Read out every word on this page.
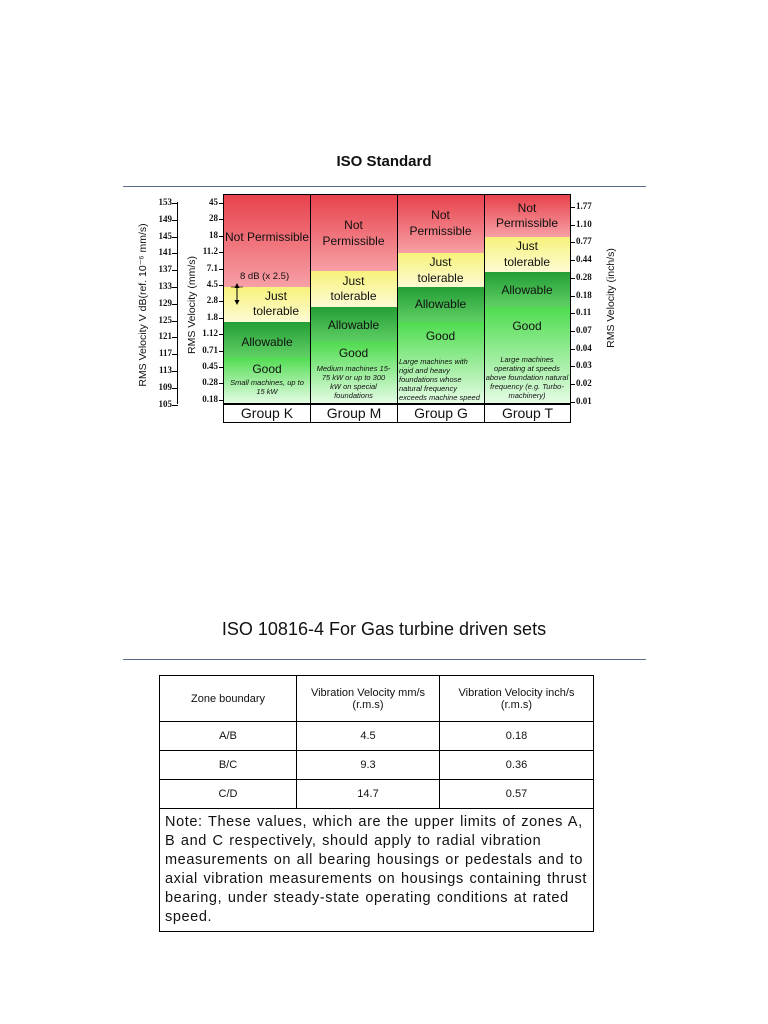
ISO Standard
RMS Velocity V dB(ref. 10⁻⁶ mm/s)	RMS Velocity (mm/s)	RMS Velocity (inch/s)
153
149
145
141
137
133
129
125
121
117
113
109
105
45
28
18
11.2
7.1
4.5
2.8
1.8
1.12
0.71
0.45
0.28
0.18
1.77
1.10
0.77
0.44
0.28
0.18
0.11
0.07
0.04
0.03
0.02
0.01
Not Permissible
Just tolerable
Allowable
Good
Small machines, up to 15 kW
Not Permissible
Just tolerable
Allowable
Good
Medium machines 15-75 kW or up to 300 kW on special foundations
Not Permissible
Just tolerable
Allowable
Good
Large machines with rigid and heavy foundations whose natural frequency exceeds machine speed
Not Permissible
Just tolerable
Allowable
Good
Large machines operating at speeds above foundation natural frequency (e.g. Turbo-machinery)
8 dB (x 2.5)
Group K	Group M	Group G	Group T
ISO 10816-4 For Gas turbine driven sets
Zone boundary	Vibration Velocity mm/s (r.m.s)	Vibration Velocity inch/s (r.m.s)
A/B	4.5	0.18
B/C	9.3	0.36
C/D	14.7	0.57
Note: These values, which are the upper limits of zones A, B and C respectively, should apply to radial vibration measurements on all bearing housings or pedestals and to axial vibration measurements on housings containing thrust bearing, under steady-state operating conditions at rated speed.		
